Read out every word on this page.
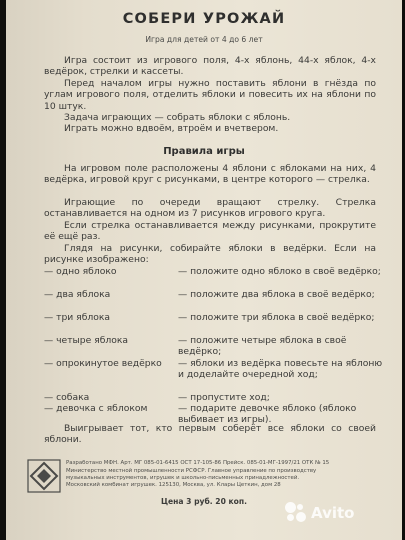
СОБЕРИ УРОЖАЙ
Игра для детей от 4 до 6 лет

Игра состоит из игрового поля, 4-х яблонь, 44-х яблок, 4-х ведёрок, стрелки и кассеты.

Перед началом игры нужно поставить яблони в гнёзда по углам игрового поля, отделить яблоки и повесить их на яблони по 10 штук.

Задача играющих — собрать яблоки с яблонь.

Играть можно вдвоём, втроём и вчетвером.

Правила игры

На игровом поле расположены 4 яблони с яблоками на них, 4 ведёрка, игровой круг с рисунками, в центре которого — стрелка.

Играющие по очереди вращают стрелку. Стрелка останавливается на одном из 7 рисунков игрового круга.

Если стрелка останавливается между рисунками, прокрутите её ещё раз.

Глядя на рисунки, собирайте яблоки в ведёрки. Если на рисунке изображено:

— одно яблоко	— положите одно яблоко в своё ведёрко;
— два яблока	— положите два яблока в своё ведёрко;
— три яблока	— положите три яблока в своё ведёрко;
— четыре яблока	— положите четыре яблока в своё ведёрко;
— опрокинутое ведёрко	— яблоки из ведёрка повесьте на яблоню и доделайте очередной ход;
— собака	— пропустите ход;
— девочка с яблоком	— подарите девочке яблоко (яблоко выбивает из игры).

Выигрывает тот, кто первым соберёт все яблоки со своей яблони.

Разработано МФН. Арт. МГ 085-01-6415 ОСТ 17-105-86 Прейск. 085-01-МГ-1997/21 ОТК № 15
Министерство местной промышленности РСФСР. Главное управление по производству
музыкальных инструментов, игрушек и школьно-письменных принадлежностей.
Московский комбинат игрушек. 125130, Москва, ул. Клары Цеткин, дом 28
Цена 3 руб. 20 коп.
Avito
